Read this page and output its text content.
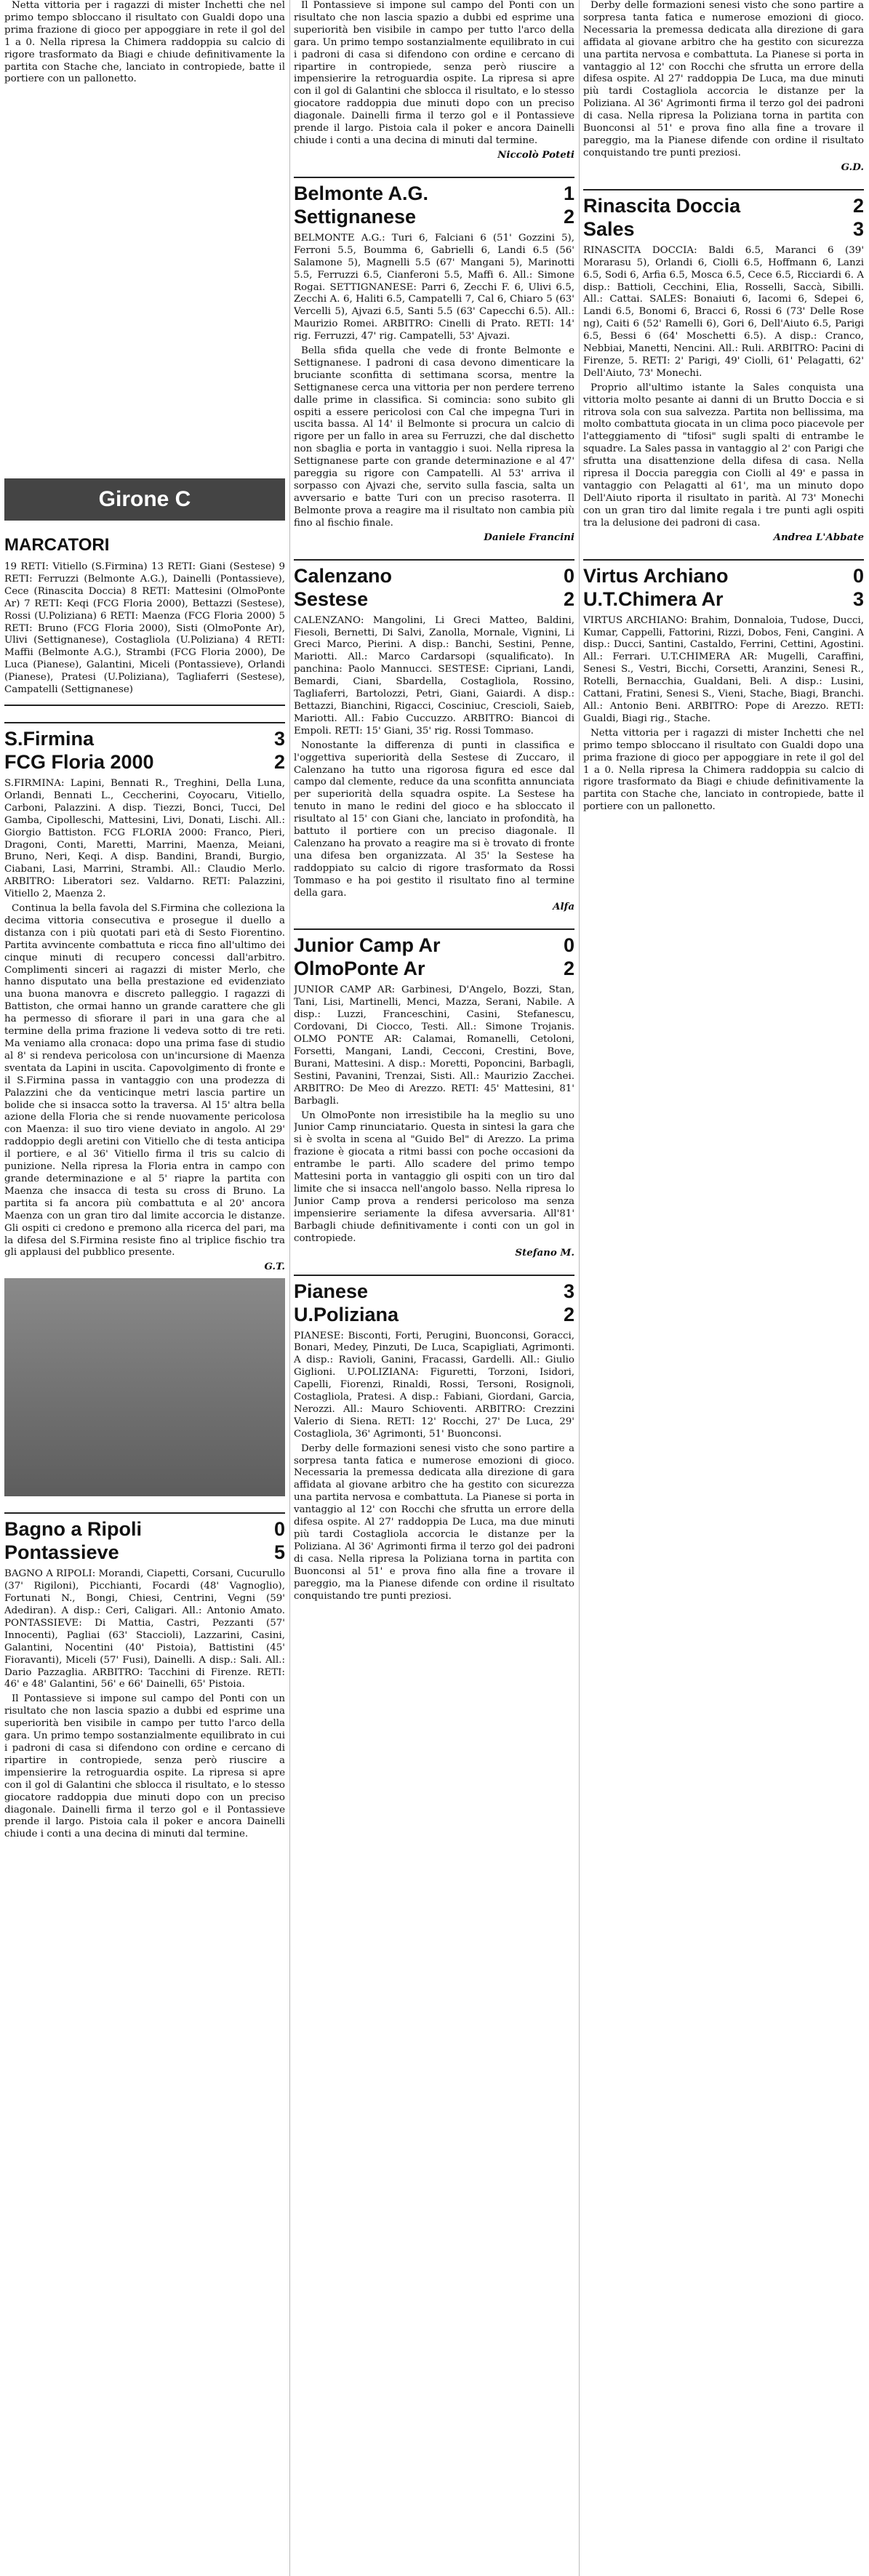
Netta vittoria per i ragazzi di mister Inchetti che nel primo tempo sbloccano il risultato con Gualdi dopo una prima frazione di gioco per appoggiare in rete il gol del 1 a 0. Nella ripresa la Chimera raddoppia su calcio di rigore trasformato da Biagi e chiude definitivamente la partita con Stache che, lanciato in contropiede, batte il portiere con un pallonetto.

Girone C
MARCATORI
19 RETI: Vitiello (S.Firmina) 13 RETI: Giani (Sestese) 9 RETI: Ferruzzi (Belmonte A.G.), Dainelli (Pontassieve), Cece (Rinascita Doccia) 8 RETI: Mattesini (OlmoPonte Ar) 7 RETI: Keqi (FCG Floria 2000), Bettazzi (Sestese), Rossi (U.Poliziana) 6 RETI: Maenza (FCG Floria 2000) 5 RETI: Bruno (FCG Floria 2000), Sisti (OlmoPonte Ar), Ulivi (Settignanese), Costagliola (U.Poliziana) 4 RETI: Maffii (Belmonte A.G.), Strambi (FCG Floria 2000), De Luca (Pianese), Galantini, Miceli (Pontassieve), Orlandi (Pianese), Pratesi (U.Poliziana), Tagliaferri (Sestese), Campatelli (Settignanese)
S.Firmina	3
FCG Floria 2000	2
S.FIRMINA: Lapini, Bennati R., Treghini, Della Luna, Orlandi, Bennati L., Ceccherini, Coyocaru, Vitiello, Carboni, Palazzini. A disp. Tiezzi, Bonci, Tucci, Del Gamba, Cipolleschi, Mattesini, Livi, Donati, Lischi. All.: Giorgio Battiston. FCG FLORIA 2000: Franco, Pieri, Dragoni, Conti, Maretti, Marrini, Maenza, Meiani, Bruno, Neri, Keqi. A disp. Bandini, Brandi, Burgio, Ciabani, Lasi, Marrini, Strambi. All.: Claudio Merlo. ARBITRO: Liberatori sez. Valdarno. RETI: Palazzini, Vitiello 2, Maenza 2.

Continua la bella favola del S.Firmina che colleziona la decima vittoria consecutiva e prosegue il duello a distanza con i più quotati pari età di Sesto Fiorentino. Partita avvincente combattuta e ricca fino all'ultimo dei cinque minuti di recupero concessi dall'arbitro. Complimenti sinceri ai ragazzi di mister Merlo, che hanno disputato una bella prestazione ed evidenziato una buona manovra e discreto palleggio. I ragazzi di Battiston, che ormai hanno un grande carattere che gli ha permesso di sfiorare il pari in una gara che al termine della prima frazione li vedeva sotto di tre reti. Ma veniamo alla cronaca: dopo una prima fase di studio al 8' si rendeva pericolosa con un'incursione di Maenza sventata da Lapini in uscita. Capovolgimento di fronte e il S.Firmina passa in vantaggio con una prodezza di Palazzini che da venticinque metri lascia partire un bolide che si insacca sotto la traversa. Al 15' altra bella azione della Floria che si rende nuovamente pericolosa con Maenza: il suo tiro viene deviato in angolo. Al 29' raddoppio degli aretini con Vitiello che di testa anticipa il portiere, e al 36' Vitiello firma il tris su calcio di punizione. Nella ripresa la Floria entra in campo con grande determinazione e al 5' riapre la partita con Maenza che insacca di testa su cross di Bruno. La partita si fa ancora più combattuta e al 20' ancora Maenza con un gran tiro dal limite accorcia le distanze. Gli ospiti ci credono e premono alla ricerca del pari, ma la difesa del S.Firmina resiste fino al triplice fischio tra gli applausi del pubblico presente.

G.T.
Bagno a Ripoli	0
Pontassieve	5
BAGNO A RIPOLI: Morandi, Ciapetti, Corsani, Cucurullo (37' Rigiloni), Picchianti, Focardi (48' Vagnoglio), Fortunati N., Bongi, Chiesi, Centrini, Vegni (59' Adediran). A disp.: Ceri, Caligari. All.: Antonio Amato. PONTASSIEVE: Di Mattia, Castri, Pezzanti (57' Innocenti), Pagliai (63' Staccioli), Lazzarini, Casini, Galantini, Nocentini (40' Pistoia), Battistini (45' Fioravanti), Miceli (57' Fusi), Dainelli. A disp.: Sali. All.: Dario Pazzaglia. ARBITRO: Tacchini di Firenze. RETI: 46' e 48' Galantini, 56' e 66' Dainelli, 65' Pistoia.

Il Pontassieve si impone sul campo del Ponti con un risultato che non lascia spazio a dubbi ed esprime una superiorità ben visibile in campo per tutto l'arco della gara. Un primo tempo sostanzialmente equilibrato in cui i padroni di casa si difendono con ordine e cercano di ripartire in contropiede, senza però riuscire a impensierire la retroguardia ospite. La ripresa si apre con il gol di Galantini che sblocca il risultato, e lo stesso giocatore raddoppia due minuti dopo con un preciso diagonale. Dainelli firma il terzo gol e il Pontassieve prende il largo. Pistoia cala il poker e ancora Dainelli chiude i conti a una decina di minuti dal termine.

Il Pontassieve si impone sul campo del Ponti con un risultato che non lascia spazio a dubbi ed esprime una superiorità ben visibile in campo per tutto l'arco della gara. Un primo tempo sostanzialmente equilibrato in cui i padroni di casa si difendono con ordine e cercano di ripartire in contropiede, senza però riuscire a impensierire la retroguardia ospite. La ripresa si apre con il gol di Galantini che sblocca il risultato, e lo stesso giocatore raddoppia due minuti dopo con un preciso diagonale. Dainelli firma il terzo gol e il Pontassieve prende il largo. Pistoia cala il poker e ancora Dainelli chiude i conti a una decina di minuti dal termine.

Niccolò Poteti
Belmonte A.G.	1
Settignanese	2
BELMONTE A.G.: Turi 6, Falciani 6 (51' Gozzini 5), Ferroni 5.5, Boumma 6, Gabrielli 6, Landi 6.5 (56' Salamone 5), Magnelli 5.5 (67' Mangani 5), Marinotti 5.5, Ferruzzi 6.5, Cianferoni 5.5, Maffi 6. All.: Simone Rogai. SETTIGNANESE: Parri 6, Zecchi F. 6, Ulivi 6.5, Zecchi A. 6, Haliti 6.5, Campatelli 7, Cal 6, Chiaro 5 (63' Vercelli 5), Ajvazi 6.5, Santi 5.5 (63' Capecchi 6.5). All.: Maurizio Romei. ARBITRO: Cinelli di Prato. RETI: 14' rig. Ferruzzi, 47' rig. Campatelli, 53' Ajvazi.

Bella sfida quella che vede di fronte Belmonte e Settignanese. I padroni di casa devono dimenticare la bruciante sconfitta di settimana scorsa, mentre la Settignanese cerca una vittoria per non perdere terreno dalle prime in classifica. Si comincia: sono subito gli ospiti a essere pericolosi con Cal che impegna Turi in uscita bassa. Al 14' il Belmonte si procura un calcio di rigore per un fallo in area su Ferruzzi, che dal dischetto non sbaglia e porta in vantaggio i suoi. Nella ripresa la Settignanese parte con grande determinazione e al 47' pareggia su rigore con Campatelli. Al 53' arriva il sorpasso con Ajvazi che, servito sulla fascia, salta un avversario e batte Turi con un preciso rasoterra. Il Belmonte prova a reagire ma il risultato non cambia più fino al fischio finale.

Daniele Francini
Calenzano	0
Sestese	2
CALENZANO: Mangolini, Li Greci Matteo, Baldini, Fiesoli, Bernetti, Di Salvi, Zanolla, Mornale, Vignini, Li Greci Marco, Pierini. A disp.: Banchi, Sestini, Penne, Mariotti. All.: Marco Cardarsopi (squalificato). In panchina: Paolo Mannucci. SESTESE: Cipriani, Landi, Bemardi, Ciani, Sbardella, Costagliola, Rossino, Tagliaferri, Bartolozzi, Petri, Giani, Gaiardi. A disp.: Bettazzi, Bianchini, Rigacci, Cosciniuc, Crescioli, Saieb, Mariotti. All.: Fabio Cuccuzzo. ARBITRO: Biancoi di Empoli. RETI: 15' Giani, 35' rig. Rossi Tommaso.

Nonostante la differenza di punti in classifica e l'oggettiva superiorità della Sestese di Zuccaro, il Calenzano ha tutto una rigorosa figura ed esce dal campo dal clemente, reduce da una sconfitta annunciata per superiorità della squadra ospite. La Sestese ha tenuto in mano le redini del gioco e ha sbloccato il risultato al 15' con Giani che, lanciato in profondità, ha battuto il portiere con un preciso diagonale. Il Calenzano ha provato a reagire ma si è trovato di fronte una difesa ben organizzata. Al 35' la Sestese ha raddoppiato su calcio di rigore trasformato da Rossi Tommaso e ha poi gestito il risultato fino al termine della gara.

Alfa
Junior Camp Ar	0
OlmoPonte Ar	2
JUNIOR CAMP AR: Garbinesi, D'Angelo, Bozzi, Stan, Tani, Lisi, Martinelli, Menci, Mazza, Serani, Nabile. A disp.: Luzzi, Franceschini, Casini, Stefanescu, Cordovani, Di Ciocco, Testi. All.: Simone Trojanis. OLMO PONTE AR: Calamai, Romanelli, Cetoloni, Forsetti, Mangani, Landi, Cecconi, Crestini, Bove, Burani, Mattesini. A disp.: Moretti, Poponcini, Barbagli, Sestini, Pavanini, Trenzai, Sisti. All.: Maurizio Zacchei. ARBITRO: De Meo di Arezzo. RETI: 45' Mattesini, 81' Barbagli.

Un OlmoPonte non irresistibile ha la meglio su uno Junior Camp rinunciatario. Questa in sintesi la gara che si è svolta in scena al "Guido Bel" di Arezzo. La prima frazione è giocata a ritmi bassi con poche occasioni da entrambe le parti. Allo scadere del primo tempo Mattesini porta in vantaggio gli ospiti con un tiro dal limite che si insacca nell'angolo basso. Nella ripresa lo Junior Camp prova a rendersi pericoloso ma senza impensierire seriamente la difesa avversaria. All'81' Barbagli chiude definitivamente i conti con un gol in contropiede.

Stefano M.
Pianese	3
U.Poliziana	2
PIANESE: Bisconti, Forti, Perugini, Buonconsi, Goracci, Bonari, Medey, Pinzuti, De Luca, Scapigliati, Agrimonti. A disp.: Ravioli, Ganini, Fracassi, Gardelli. All.: Giulio Giglioni. U.POLIZIANA: Figuretti, Torzoni, Isidori, Capelli, Fiorenzi, Rinaldi, Rossi, Tersoni, Rosignoli, Costagliola, Pratesi. A disp.: Fabiani, Giordani, Garcia, Nerozzi. All.: Mauro Schioventi. ARBITRO: Crezzini Valerio di Siena. RETI: 12' Rocchi, 27' De Luca, 29' Costagliola, 36' Agrimonti, 51' Buonconsi.

Derby delle formazioni senesi visto che sono partire a sorpresa tanta fatica e numerose emozioni di gioco. Necessaria la premessa dedicata alla direzione di gara affidata al giovane arbitro che ha gestito con sicurezza una partita nervosa e combattuta. La Pianese si porta in vantaggio al 12' con Rocchi che sfrutta un errore della difesa ospite. Al 27' raddoppia De Luca, ma due minuti più tardi Costagliola accorcia le distanze per la Poliziana. Al 36' Agrimonti firma il terzo gol dei padroni di casa. Nella ripresa la Poliziana torna in partita con Buonconsi al 51' e prova fino alla fine a trovare il pareggio, ma la Pianese difende con ordine il risultato conquistando tre punti preziosi.

Derby delle formazioni senesi visto che sono partire a sorpresa tanta fatica e numerose emozioni di gioco. Necessaria la premessa dedicata alla direzione di gara affidata al giovane arbitro che ha gestito con sicurezza una partita nervosa e combattuta. La Pianese si porta in vantaggio al 12' con Rocchi che sfrutta un errore della difesa ospite. Al 27' raddoppia De Luca, ma due minuti più tardi Costagliola accorcia le distanze per la Poliziana. Al 36' Agrimonti firma il terzo gol dei padroni di casa. Nella ripresa la Poliziana torna in partita con Buonconsi al 51' e prova fino alla fine a trovare il pareggio, ma la Pianese difende con ordine il risultato conquistando tre punti preziosi.

G.D.
Rinascita Doccia	2
Sales	3
RINASCITA DOCCIA: Baldi 6.5, Maranci 6 (39' Morarasu 5), Orlandi 6, Ciolli 6.5, Hoffmann 6, Lanzi 6.5, Sodi 6, Arfia 6.5, Mosca 6.5, Cece 6.5, Ricciardi 6. A disp.: Battioli, Cecchini, Elia, Rosselli, Saccà, Sibilli. All.: Cattai. SALES: Bonaiuti 6, Iacomi 6, Sdepei 6, Landi 6.5, Bonomi 6, Bracci 6, Rossi 6 (73' Delle Rose ng), Caiti 6 (52' Ramelli 6), Gori 6, Dell'Aiuto 6.5, Parigi 6.5, Bessi 6 (64' Moschetti 6.5). A disp.: Cranco, Nebbiai, Manetti, Nencini. All.: Ruli. ARBITRO: Pacini di Firenze, 5. RETI: 2' Parigi, 49' Ciolli, 61' Pelagatti, 62' Dell'Aiuto, 73' Monechi.

Proprio all'ultimo istante la Sales conquista una vittoria molto pesante ai danni di un Brutto Doccia e si ritrova sola con sua salvezza. Partita non bellissima, ma molto combattuta giocata in un clima poco piacevole per l'atteggiamento di "tifosi" sugli spalti di entrambe le squadre. La Sales passa in vantaggio al 2' con Parigi che sfrutta una disattenzione della difesa di casa. Nella ripresa il Doccia pareggia con Ciolli al 49' e passa in vantaggio con Pelagatti al 61', ma un minuto dopo Dell'Aiuto riporta il risultato in parità. Al 73' Monechi con un gran tiro dal limite regala i tre punti agli ospiti tra la delusione dei padroni di casa.

Andrea L'Abbate
Virtus Archiano	0
U.T.Chimera Ar	3
VIRTUS ARCHIANO: Brahim, Donnaloia, Tudose, Ducci, Kumar, Cappelli, Fattorini, Rizzi, Dobos, Feni, Cangini. A disp.: Ducci, Santini, Castaldo, Ferrini, Cettini, Agostini. All.: Ferrari. U.T.CHIMERA AR: Mugelli, Caraffini, Senesi S., Vestri, Bicchi, Corsetti, Aranzini, Senesi R., Rotelli, Bernacchia, Gualdani, Beli. A disp.: Lusini, Cattani, Fratini, Senesi S., Vieni, Stache, Biagi, Branchi. All.: Antonio Beni. ARBITRO: Pope di Arezzo. RETI: Gualdi, Biagi rig., Stache.

Netta vittoria per i ragazzi di mister Inchetti che nel primo tempo sbloccano il risultato con Gualdi dopo una prima frazione di gioco per appoggiare in rete il gol del 1 a 0. Nella ripresa la Chimera raddoppia su calcio di rigore trasformato da Biagi e chiude definitivamente la partita con Stache che, lanciato in contropiede, batte il portiere con un pallonetto.
